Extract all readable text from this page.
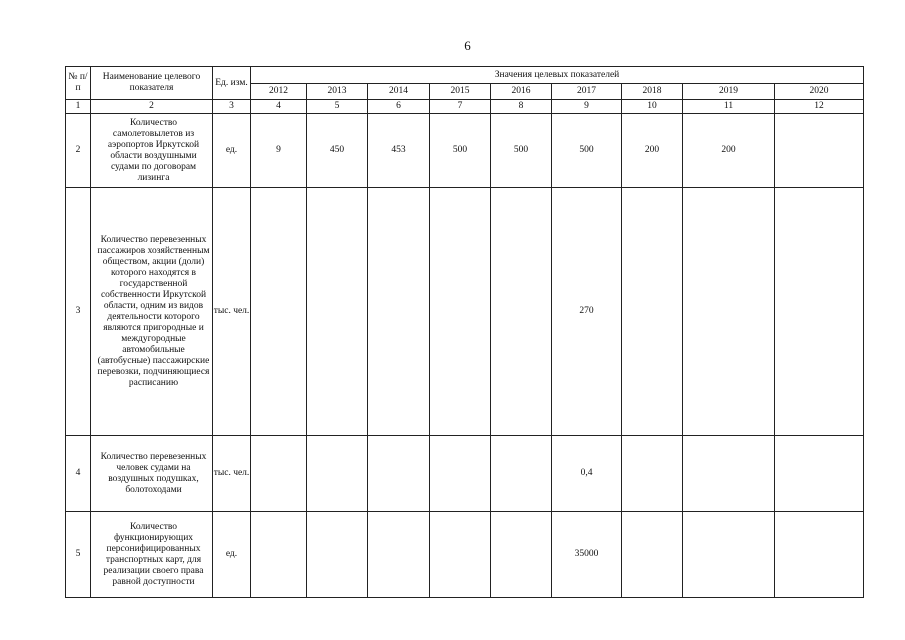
6
№ п/п	Наименование целевого показателя	Ед. изм.	Значения целевых показателей								
			2012	2013	2014	2015	2016	2017	2018	2019	2020
1	2	3	4	5	6	7	8	9	10	11	12
2	Количество самолетовылетов из аэропортов Иркутской области воздушными судами по договорам лизинга	ед.	9	450	453	500	500	500	200	200	
3	Количество перевезенных пассажиров хозяйственным обществом, акции (доли) которого находятся в государственной собственности Иркутской области, одним из видов деятельности которого являются пригородные и междугородные автомобильные (автобусные) пассажирские перевозки, подчиняющиеся расписанию	тыс. чел.						270			
4	Количество перевезенных человек судами на воздушных подушках, болотоходами	тыс. чел.						0,4			
5	Количество функционирующих персонифицированных транспортных карт, для реализации своего права равной доступности	ед.						35000			
